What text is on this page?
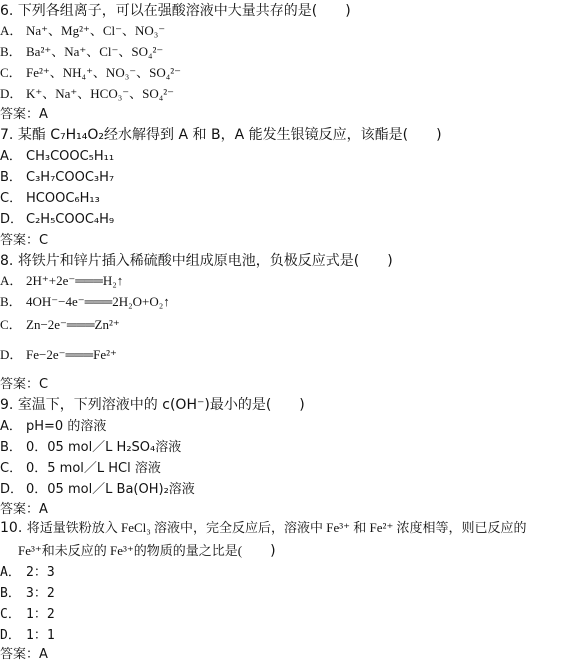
6. 下列各组离子，可以在强酸溶液中大量共存的是( )
A． Na⁺、Mg²⁺、Cl⁻、NO₃⁻
B． Ba²⁺、Na⁺、Cl⁻、SO₄²⁻
C． Fe²⁺、NH₄⁺、NO₃⁻、SO₄²⁻
D． K⁺、Na⁺、HCO₃⁻、SO₄²⁻
答案：A
7. 某酯 C₇H₁₄O₂经水解得到 A 和 B，A 能发生银镜反应，该酯是( )
A． CH₃COOC₅H₁₁
B． C₃H₇COOC₃H₇
C． HCOOC₆H₁₃
D． C₂H₅COOC₄H₉
答案：C
8. 将铁片和锌片插入稀硫酸中组成原电池，负极反应式是( )
A． 2H⁺+2e⁻═══H₂↑
B． 4OH⁻−4e⁻═══2H₂O+O₂↑
C． Zn−2e⁻═══Zn²⁺
D． Fe−2e⁻═══Fe²⁺
答案：C
9. 室温下，下列溶液中的 c(OH⁻)最小的是( )
A． pH=0 的溶液
B． 0．05 mol／L H₂SO₄溶液
C． 0．5 mol／L HCl 溶液
D． 0．05 mol／L Ba(OH)₂溶液
答案：A
10. 将适量铁粉放入 FeCl₃ 溶液中，完全反应后，溶液中 Fe³⁺ 和 Fe²⁺ 浓度相等，则已反应的
Fe³⁺和未反应的 Fe³⁺的物质的量之比是( )
A． 2：3
B． 3：2
C． 1：2
D． 1：1
答案：A
